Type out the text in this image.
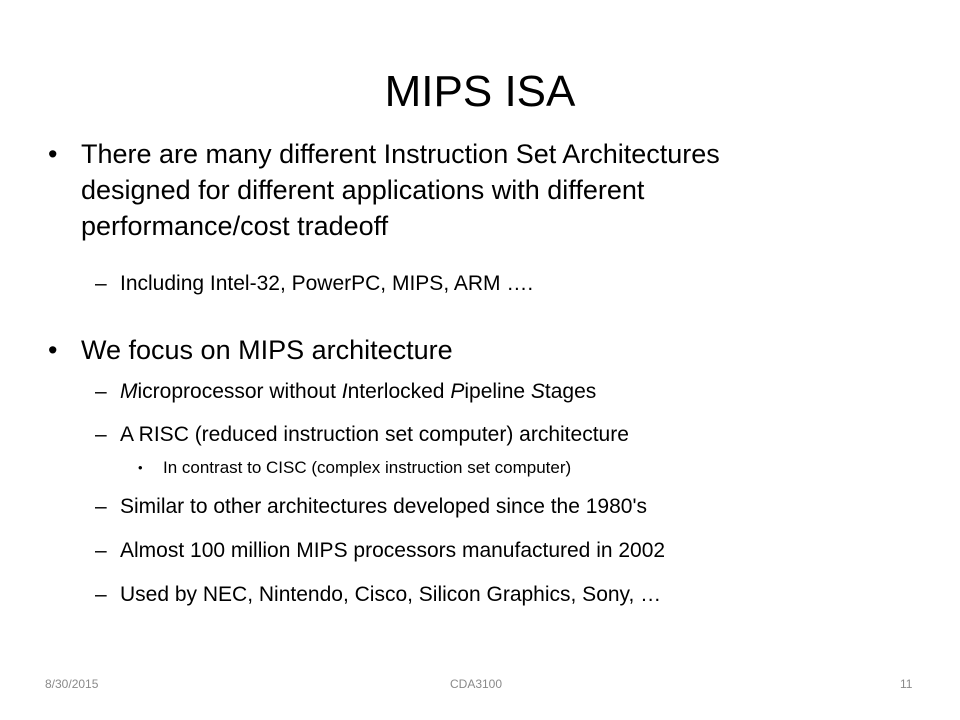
MIPS ISA
• There are many different Instruction Set Architectures
designed for different applications with different
performance/cost tradeoff
– Including Intel-32, PowerPC, MIPS, ARM ….
• We focus on MIPS architecture
– Microprocessor without Interlocked Pipeline Stages
– A RISC (reduced instruction set computer) architecture
•	In contrast to CISC (complex instruction set computer)
– Similar to other architectures developed since the 1980's
– Almost 100 million MIPS processors manufactured in 2002
– Used by NEC, Nintendo, Cisco, Silicon Graphics, Sony, …
8/30/2015	CDA3100	11
